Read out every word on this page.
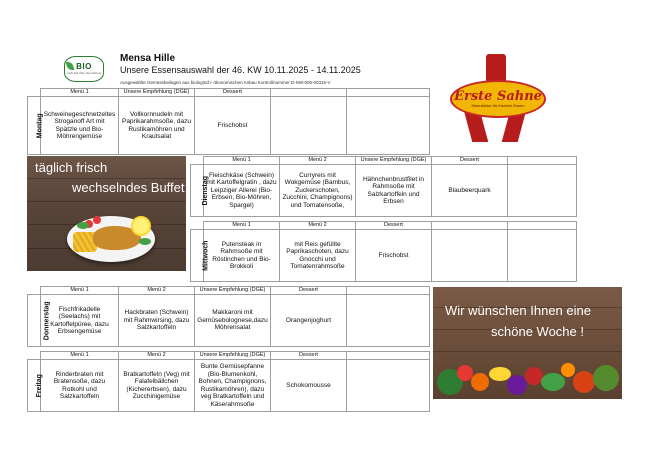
BIO
nach EG-Öko-Verordnung
Mensa Hille
Unsere Essensauswahl der 46. KW 10.11.2025 - 14.11.2025
Ausgewählte Gemüsebeilagen aus biologisch- ökonomischen Anbau Kontrollnummer D-NW-006-00315-V
Erste Sahne
Manufaktur für frisches Essen
	Menü 1	Unsere Empfehlung (DGE)	Dessert		
Montag	Schweinegeschnetzeltes Stroganoff Art mit Spätzle und Bio-Möhrengemüse	Vollkornnudeln mit Paprikarahmsoße, dazu Rustikamöhren und Krautsalat	Frischobst		
täglich frisch
wechselndes Buffet
	Menü 1	Menü 2	Unsere Empfehlung (DGE)	Dessert	
Dienstag	Fleischkäse (Schwein) mit Kartoffelgratin , dazu Leipziger Allerei (Bio-Erbsen, Bio-Möhren, Spargel)	Curryreis mit Wokgemüse (Bambus, Zuckerschoten, Zucchini, Champignons) und Tomatensoße,	Hähnchenbrustfilet in Rahmsoße mit Salzkartoffeln und Erbsen	Blaubeerquark	
	Menü 1	Menü 2	Dessert		
Mittwoch	Putensteak in Rahmsoße mit Röstinchen und Bio-Brokkoli	mit Reis gefüllte Paprikaschoten, dazu Gnocchi und Tomatenrahmsoße	Frischobst		
	Menü 1	Menü 2	Unsere Empfehlung (DGE)	Dessert	
Donnerstag	Fischfrikadelle (Seelachs) mit Kartoffelpüree, dazu Erbsengemüse	Hackbraten (Schwein) mit Rahmwirsing, dazu Salzkartoffeln	Makkaroni mit Gemüsebolognese,dazu Möhrensalat	Orangenjoghurt	
Wir wünschen Ihnen eine
schöne Woche !
	Menü 1	Menü 2	Unsere Empfehlung (DGE)	Dessert	
Freitag	Rinderbraten mit Bratensoße, dazu Rotkohl und Salzkartoffeln	Bratkartoffeln (Veg) mit Falafelbällchen (Kichererbsen), dazu Zucchinigemüse	Bunte Gemüsepfanne (Bio-Blumenkohl, Bohnen, Champignons, Rustikamöhren), dazu veg Bratkartoffeln und Käserahmsoße	Schokomousse	
